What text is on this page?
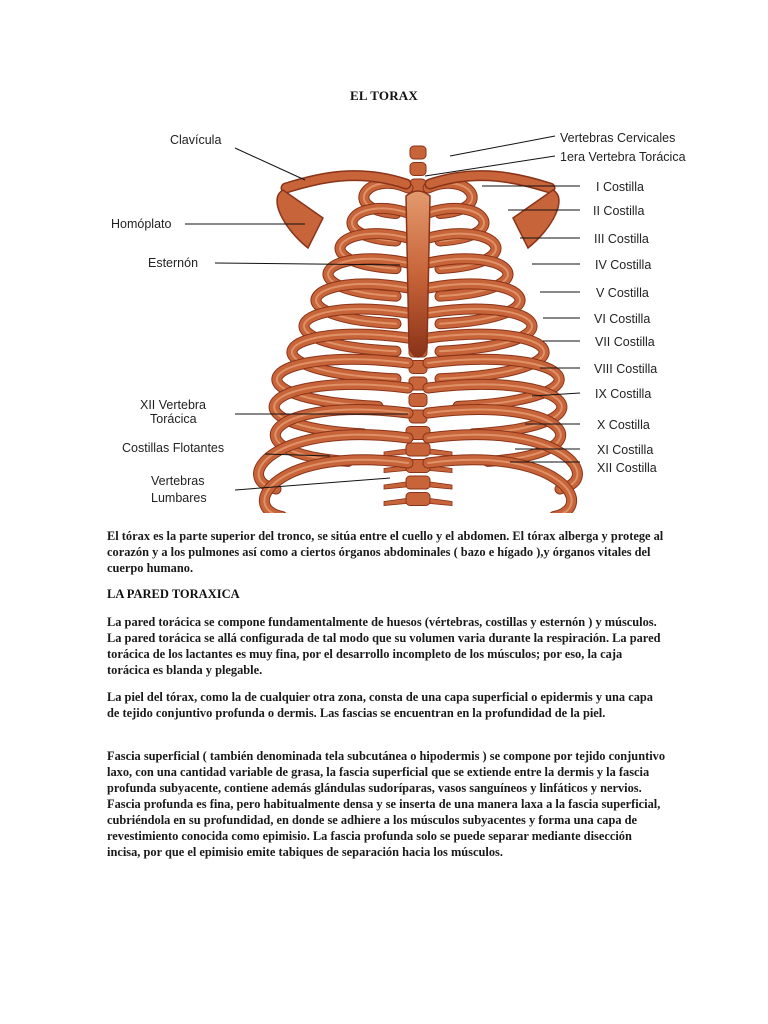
EL TORAX
Clavícula
Homóplato
Esternón
XII Vertebra
Torácica
Costillas Flotantes
Vertebras
Lumbares
Vertebras Cervicales
1era Vertebra Torácica
I Costilla
II Costilla
III Costilla
IV Costilla
V Costilla
VI Costilla
VII Costilla
VIII Costilla
IX Costilla
X Costilla
XI Costilla
XII Costilla

El tórax es la parte superior del tronco, se sitúa entre el cuello y el abdomen. El tórax alberga y protege al corazón y a los pulmones así como a ciertos órganos abdominales ( bazo e hígado ),y órganos vitales del cuerpo humano.

LA PARED TORAXICA

La pared torácica se compone fundamentalmente de huesos (vértebras, costillas y esternón ) y músculos. La pared torácica se allá configurada de tal modo que su volumen varia durante la respiración. La pared torácica de los lactantes es muy fina, por el desarrollo incompleto de los músculos; por eso, la caja torácica es blanda y plegable.

La piel del tórax, como la de cualquier otra zona, consta de una capa superficial o epidermis y una capa de tejido conjuntivo profunda o dermis. Las fascias se encuentran en la profundidad de la piel.

Fascia superficial ( también denominada tela subcutánea o hipodermis ) se compone por tejido conjuntivo laxo, con una cantidad variable de grasa, la fascia superficial que se extiende entre la dermis y la fascia profunda subyacente, contiene además glándulas sudoríparas, vasos sanguíneos y linfáticos y nervios. Fascia profunda es fina, pero habitualmente densa y se inserta de una manera laxa a la fascia superficial, cubriéndola en su profundidad, en donde se adhiere a los músculos subyacentes y forma una capa de revestimiento conocida como epimisio. La fascia profunda solo se puede separar mediante disección incisa, por que el epimisio emite tabiques de separación hacia los músculos.
